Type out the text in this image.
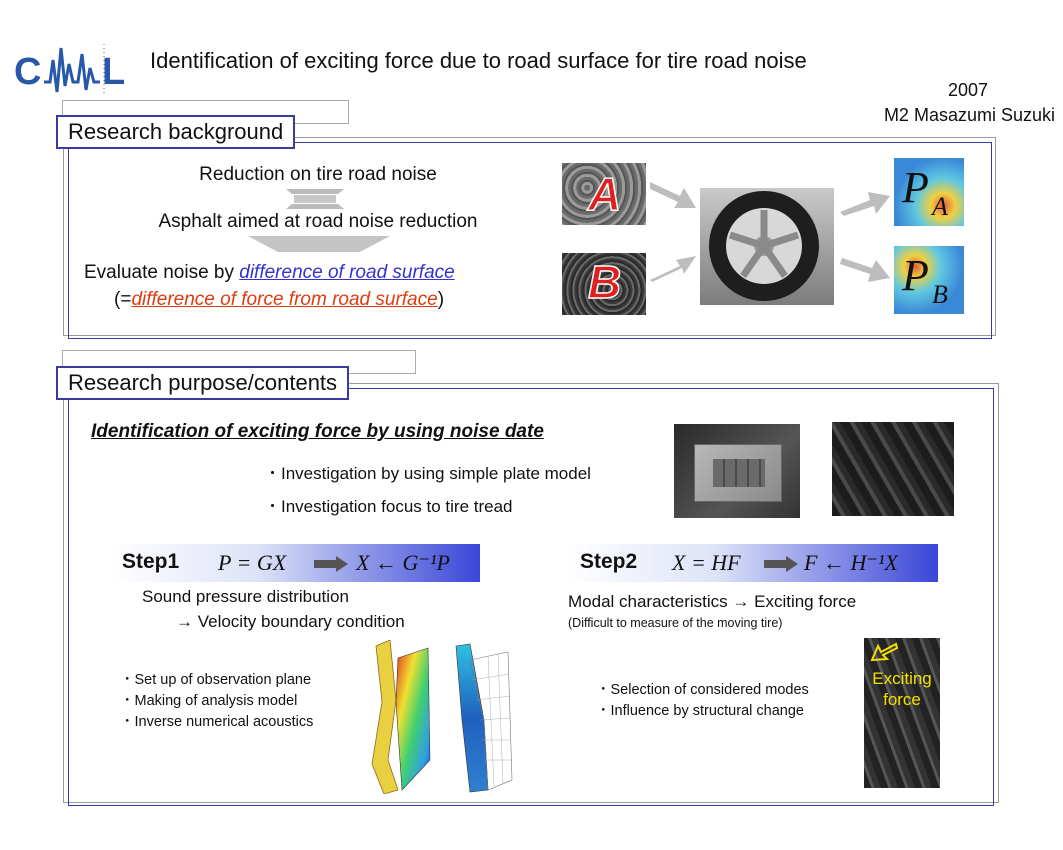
C L Identification of exciting force due to road surface for tire road noise
2007
M2 Masazumi Suzuki
Research background
Reduction on tire road noise
Asphalt aimed at road noise reduction
Evaluate noise by difference of road surface
(=difference of force from road surface)
A
B
P A
P B
Research purpose/contents
Identification of exciting force by using noise date
・Investigation by using simple plate model
・Investigation focus to tire tread
Step1 P = GX	X ← G⁻¹P
Sound pressure distribution
→ Velocity boundary condition
・Set up of observation plane
・Making of analysis model
・Inverse numerical acoustics
Step2 X = HF	F ← H⁻¹X
Modal characteristics → Exciting force
(Difficult to measure of the moving tire)
・Selection of considered modes
・Influence by structural change
Exciting
force
